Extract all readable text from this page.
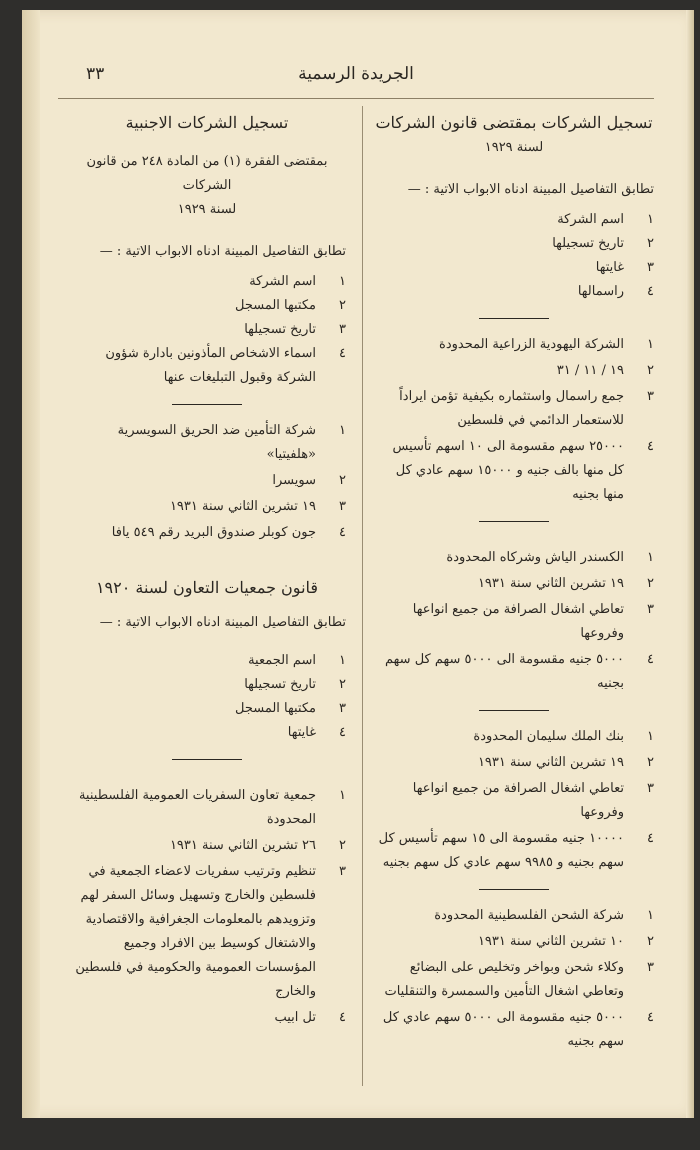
٣٣	الجريدة الرسمية
تسجيل الشركات بمقتضى قانون الشركات
لسنة ١٩٢٩
تطابق التفاصيل المبينة ادناه الابواب الاتية : —
١
اسم الشركة
٢
تاريخ تسجيلها
٣
غايتها
٤
راسمالها
١
الشركة اليهودية الزراعية المحدودة
٢
١٩ / ١١ / ٣١
٣
جمع راسمال واستثماره بكيفية تؤمن ايراداً للاستعمار الدائمي في فلسطين
٤
٢٥٠٠٠ سهم مقسومة الى ١٠ اسهم تأسيس كل منها بالف جنيه و ١٥٠٠٠ سهم عادي كل منها بجنيه
١
الكسندر الياش وشركاه المحدودة
٢
١٩ تشرين الثاني سنة ١٩٣١
٣
تعاطي اشغال الصرافة من جميع انواعها وفروعها
٤
٥٠٠٠ جنيه مقسومة الى ٥٠٠٠ سهم كل سهم بجنيه
١
بنك الملك سليمان المحدودة
٢
١٩ تشرين الثاني سنة ١٩٣١
٣
تعاطي اشغال الصرافة من جميع انواعها وفروعها
٤
١٠٠٠٠ جنيه مقسومة الى ١٥ سهم تأسيس كل سهم بجنيه و ٩٩٨٥ سهم عادي كل سهم بجنيه
١
شركة الشحن الفلسطينية المحدودة
٢
١٠ تشرين الثاني سنة ١٩٣١
٣
وكلاء شحن وبواخر وتخليص على البضائع وتعاطي اشغال التأمين والسمسرة والتنقليات
٤
٥٠٠٠ جنيه مقسومة الى ٥٠٠٠ سهم عادي كل سهم بجنيه
تسجيل الشركات الاجنبية
بمقتضى الفقرة (١) من المادة ٢٤٨ من قانون الشركات
لسنة ١٩٢٩
تطابق التفاصيل المبينة ادناه الابواب الاتية : —
١
اسم الشركة
٢
مكتبها المسجل
٣
تاريخ تسجيلها
٤
اسماء الاشخاص المأذونين بادارة شؤون الشركة وقبول التبليغات عنها
١
شركة التأمين ضد الحريق السويسرية «هلفيتيا»
٢
سويسرا
٣
١٩ تشرين الثاني سنة ١٩٣١
٤
جون كوبلر صندوق البريد رقم ٥٤٩ يافا
قانون جمعيات التعاون لسنة ١٩٢٠
تطابق التفاصيل المبينة ادناه الابواب الاتية : —
١
اسم الجمعية
٢
تاريخ تسجيلها
٣
مكتبها المسجل
٤
غايتها
١
جمعية تعاون السفريات العمومية الفلسطينية المحدودة
٢
٢٦ تشرين الثاني سنة ١٩٣١
٣
تنظيم وترتيب سفريات لاعضاء الجمعية في فلسطين والخارج وتسهيل وسائل السفر لهم وتزويدهم بالمعلومات الجغرافية والاقتصادية والاشتغال كوسيط بين الافراد وجميع المؤسسات العمومية والحكومية في فلسطين والخارج
٤
تل ابيب
